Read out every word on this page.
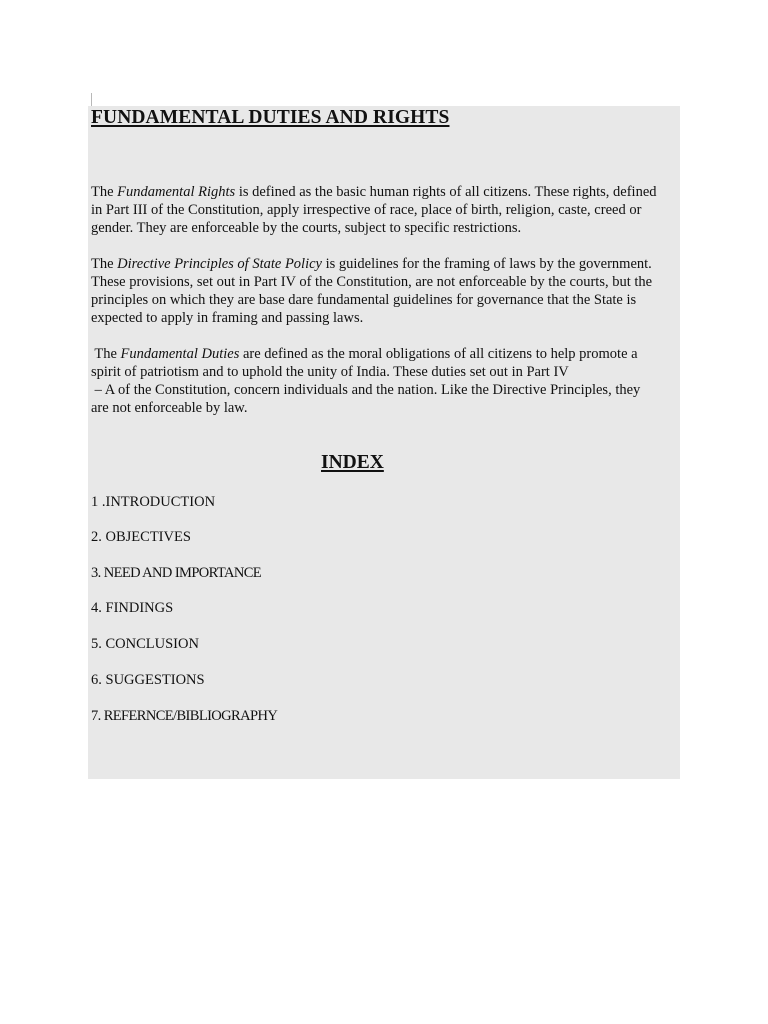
FUNDAMENTAL DUTIES AND RIGHTS

The Fundamental Rights is defined as the basic human rights of all citizens. These rights, defined
in Part III of the Constitution, apply irrespective of race, place of birth, religion, caste, creed or
gender. They are enforceable by the courts, subject to specific restrictions.

The Directive Principles of State Policy is guidelines for the framing of laws by the government.
These provisions, set out in Part IV of the Constitution, are not enforceable by the courts, but the
principles on which they are base dare fundamental guidelines for governance that the State is
expected to apply in framing and passing laws.

The Fundamental Duties are defined as the moral obligations of all citizens to help promote a
spirit of patriotism and to uphold the unity of India. These duties set out in Part IV
– A of the Constitution, concern individuals and the nation. Like the Directive Principles, they
are not enforceable by law.

INDEX

1 .INTRODUCTION

2. OBJECTIVES

3. NEED AND IMPORTANCE

4. FINDINGS

5. CONCLUSION

6. SUGGESTIONS

7. REFERNCE/BIBLIOGRAPHY
